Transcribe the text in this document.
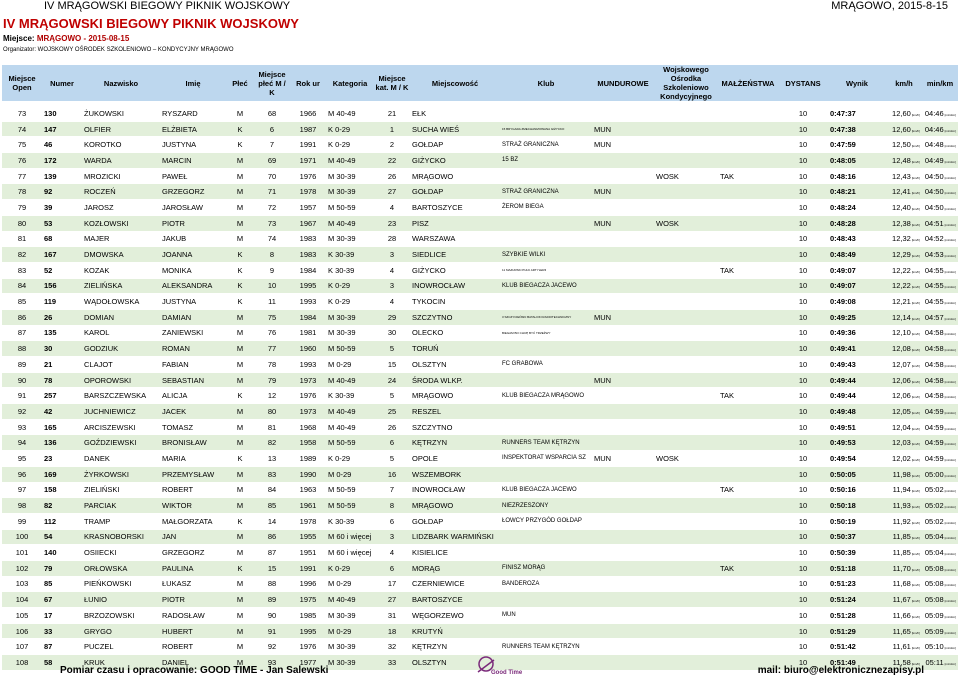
IV MRĄGOWSKI BIEGOWY PIKNIK WOJSKOWY	MRĄGOWO, 2015-8-15
IV MRĄGOWSKI BIEGOWY PIKNIK WOJSKOWY
Miejsce: MRĄGOWO - 2015-08-15
Organizator: WOJSKOWY OŚRODEK SZKOLENIOWO – KONDYCYJNY MRĄGOWO
Miejsce Open	Numer	Nazwisko	Imię	Płeć	Miejsce płeć M / K	Rok ur	Kategoria	Miejsce kat. M / K	Miejscowość	Klub	MUNDUROWE	Wojskowego Ośrodka Szkoleniowo Kondycyjnego	MAŁŻEŃSTWA	DYSTANS	Wynik	km/h	min/km

73	130	ŻUKOWSKI	RYSZARD	M	68	1966	M 40-49	21	EŁK					10	0:47:37	12,60[km/h]	04:46[min/km]
74	147	OLFIER	ELŻBIETA	K	6	1987	K 0-29	1	SUCHA WIEŚ	15 BRYGADA ZMECHANIZOWANA GIŻYCKO	MUN			10	0:47:38	12,60[km/h]	04:46[min/km]
75	46	KOROTKO	JUSTYNA	K	7	1991	K 0-29	2	GOŁDAP	STRAŻ GRANICZNA	MUN			10	0:47:59	12,50[km/h]	04:48[min/km]
76	172	WARDA	MARCIN	M	69	1971	M 40-49	22	GIŻYCKO	15 BZ				10	0:48:05	12,48[km/h]	04:49[min/km]
77	139	MROZICKI	PAWEŁ	M	70	1976	M 30-39	26	MRĄGOWO			WOSK	TAK	10	0:48:16	12,43[km/h]	04:50[min/km]
78	92	ROCZEŃ	GRZEGORZ	M	71	1978	M 30-39	27	GOŁDAP	STRAŻ GRANICZNA	MUN			10	0:48:21	12,41[km/h]	04:50[min/km]
79	39	JAROSZ	JAROSŁAW	M	72	1957	M 50-59	4	BARTOSZYCE	ŻEROM BIEGA				10	0:48:24	12,40[km/h]	04:50[min/km]
80	53	KOZŁOWSKI	PIOTR	M	73	1967	M 40-49	23	PISZ		MUN	WOSK		10	0:48:28	12,38[km/h]	04:51[min/km]
81	68	MAJER	JAKUB	M	74	1983	M 30-39	28	WARSZAWA					10	0:48:43	12,32[km/h]	04:52[min/km]
82	167	DMOWSKA	JOANNA	K	8	1983	K 30-39	3	SIEDLICE	SZYBKIE WILKI				10	0:48:49	12,29[km/h]	04:53[min/km]
83	52	KOZAK	MONIKA	K	9	1984	K 30-39	4	GIŻYCKO	11 MAZURSKI PUŁK ARTYLERII			TAK	10	0:49:07	12,22[km/h]	04:55[min/km]
84	156	ZIELIŃSKA	ALEKSANDRA	K	10	1995	K 0-29	3	INOWROCŁAW	KLUB BIEGACZA JACEWO				10	0:49:07	12,22[km/h]	04:55[min/km]
85	119	WĄDOŁOWSKA	JUSTYNA	K	11	1993	K 0-29	4	TYKOCIN					10	0:49:08	12,21[km/h]	04:55[min/km]
86	26	DOMIAN	DAMIAN	M	75	1984	M 30-39	29	SZCZYTNO	3 SZCZYCIEŃSKI BATALION RADIOTECHNICZNY	MUN			10	0:49:25	12,14[km/h]	04:57[min/km]
87	135	KAROL	ZANIEWSKI	M	76	1981	M 30-39	30	OLECKO	BIEGAM BO CHCĘ BYĆ TRZEŹWY				10	0:49:36	12,10[km/h]	04:58[min/km]
88	30	GODZIUK	ROMAN	M	77	1960	M 50-59	5	TORUŃ					10	0:49:41	12,08[km/h]	04:58[min/km]
89	21	CLAJOT	FABIAN	M	78	1993	M 0-29	15	OLSZTYN	FC GRABOWA				10	0:49:43	12,07[km/h]	04:58[min/km]
90	78	OPOROWSKI	SEBASTIAN	M	79	1973	M 40-49	24	ŚRODA WLKP.		MUN			10	0:49:44	12,06[km/h]	04:58[min/km]
91	257	BARSZCZEWSKA	ALICJA	K	12	1976	K 30-39	5	MRĄGOWO	KLUB BIEGACZA MRĄGOWO			TAK	10	0:49:44	12,06[km/h]	04:58[min/km]
92	42	JUCHNIEWICZ	JACEK	M	80	1973	M 40-49	25	RESZEL					10	0:49:48	12,05[km/h]	04:59[min/km]
93	165	ARCISZEWSKI	TOMASZ	M	81	1968	M 40-49	26	SZCZYTNO					10	0:49:51	12,04[km/h]	04:59[min/km]
94	136	GOŹDZIEWSKI	BRONISŁAW	M	82	1958	M 50-59	6	KĘTRZYN	RUNNERS TEAM KĘTRZYN				10	0:49:53	12,03[km/h]	04:59[min/km]
95	23	DANEK	MARIA	K	13	1989	K 0-29	5	OPOLE	INSPEKTORAT WSPARCIA SZ	MUN	WOSK		10	0:49:54	12,02[km/h]	04:59[min/km]
96	169	ŻYRKOWSKI	PRZEMYSŁAW	M	83	1990	M 0-29	16	WSZEMBORK					10	0:50:05	11,98[km/h]	05:00[min/km]
97	158	ZIELIŃSKI	ROBERT	M	84	1963	M 50-59	7	INOWROCŁAW	KLUB BIEGACZA JACEWO			TAK	10	0:50:16	11,94[km/h]	05:02[min/km]
98	82	PARCIAK	WIKTOR	M	85	1961	M 50-59	8	MRĄGOWO	NIEZRZESZONY				10	0:50:18	11,93[km/h]	05:02[min/km]
99	112	TRAMP	MAŁGORZATA	K	14	1978	K 30-39	6	GOŁDAP	ŁOWCY PRZYGÓD GOŁDAP				10	0:50:19	11,92[km/h]	05:02[min/km]
100	54	KRASNOBORSKI	JAN	M	86	1955	M 60 i więcej	3	LIDZBARK WARMIŃSKI					10	0:50:37	11,85[km/h]	05:04[min/km]
101	140	OSIIECKI	GRZEGORZ	M	87	1951	M 60 i więcej	4	KISIELICE					10	0:50:39	11,85[km/h]	05:04[min/km]
102	79	ORŁOWSKA	PAULINA	K	15	1991	K 0-29	6	MORĄG	FINISZ MORĄG			TAK	10	0:51:18	11,70[km/h]	05:08[min/km]
103	85	PIEŃKOWSKI	ŁUKASZ	M	88	1996	M 0-29	17	CZERNIEWICE	BANDEROZA				10	0:51:23	11,68[km/h]	05:08[min/km]
104	67	ŁUNIO	PIOTR	M	89	1975	M 40-49	27	BARTOSZYCE					10	0:51:24	11,67[km/h]	05:08[min/km]
105	17	BRZOZOWSKI	RADOSŁAW	M	90	1985	M 30-39	31	WĘGORZEWO	MUN				10	0:51:28	11,66[km/h]	05:09[min/km]
106	33	GRYGO	HUBERT	M	91	1995	M 0-29	18	KRUTYŃ					10	0:51:29	11,65[km/h]	05:09[min/km]
107	87	PUCZEL	ROBERT	M	92	1976	M 30-39	32	KĘTRZYN	RUNNERS TEAM KĘTRZYN				10	0:51:42	11,61[km/h]	05:10[min/km]
108	58	KRUK	DANIEL	M	93	1977	M 30-39	33	OLSZTYN					10	0:51:49	11,58[km/h]	05:11[min/km]
Pomiar czasu i opracowanie: GOOD TIME - Jan Salewski	Good Time	mail: biuro@elektronicznezapisy.pl
